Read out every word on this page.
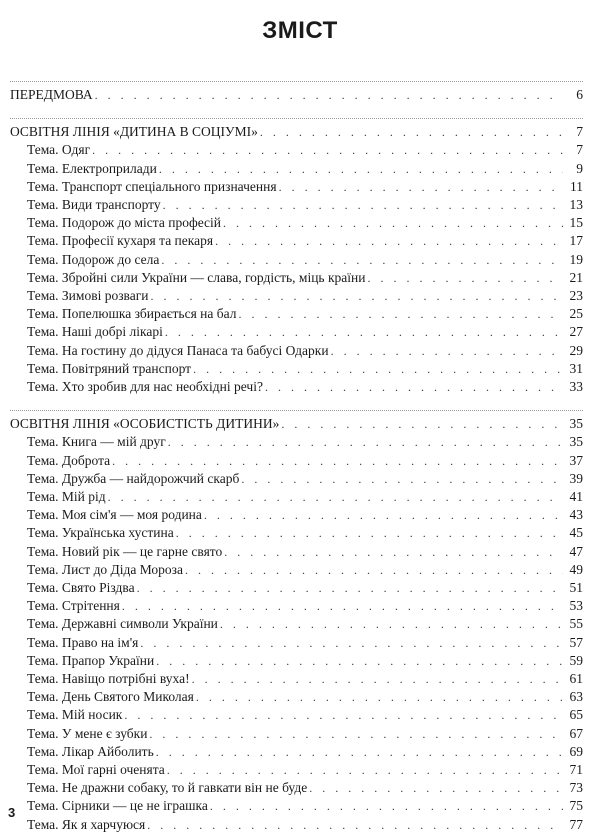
ЗМІСТ
ПЕРЕДМОВА . . .	6
ОСВІТНЯ ЛІНІЯ «ДИТИНА В СОЦІУМІ» . . .	7
Тема. Одяг . . .	7
Тема. Електроприлади . . .	9
Тема. Транспорт спеціального призначення . . .	11
Тема. Види транспорту . . .	13
Тема. Подорож до міста професій . . .	15
Тема. Професії кухаря та пекаря . . .	17
Тема. Подорож до села . . .	19
Тема. Збройні сили України — слава, гордість, міць країни . . .	21
Тема. Зимові розваги . . .	23
Тема. Попелюшка збирається на бал . . .	25
Тема. Наші добрі лікарі . . .	27
Тема. На гостину до дідуся Панаса та бабусі Одарки . . .	29
Тема. Повітряний транспорт . . .	31
Тема. Хто зробив для нас необхідні речі? . . .	33
ОСВІТНЯ ЛІНІЯ «ОСОБИСТІСТЬ ДИТИНИ» . . .	35
Тема. Книга — мій друг . . .	35
Тема. Доброта . . .	37
Тема. Дружба — найдорожчий скарб . . .	39
Тема. Мій рід . . .	41
Тема. Моя сім'я — моя родина . . .	43
Тема. Українська хустина . . .	45
Тема. Новий рік — це гарне свято . . .	47
Тема. Лист до Діда Мороза . . .	49
Тема. Свято Різдва . . .	51
Тема. Стрітення . . .	53
Тема. Державні символи України . . .	55
Тема. Право на ім'я . . .	57
Тема. Прапор України . . .	59
Тема. Навіщо потрібні вуха! . . .	61
Тема. День Святого Миколая . . .	63
Тема. Мій носик . . .	65
Тема. У мене є зубки . . .	67
Тема. Лікар Айболить . . .	69
Тема. Мої гарні оченята . . .	71
Тема. Не дражни собаку, то й гавкати він не буде . . .	73
Тема. Сірники — це не іграшка . . .	75
Тема. Як я харчуюся . . .	77
3
